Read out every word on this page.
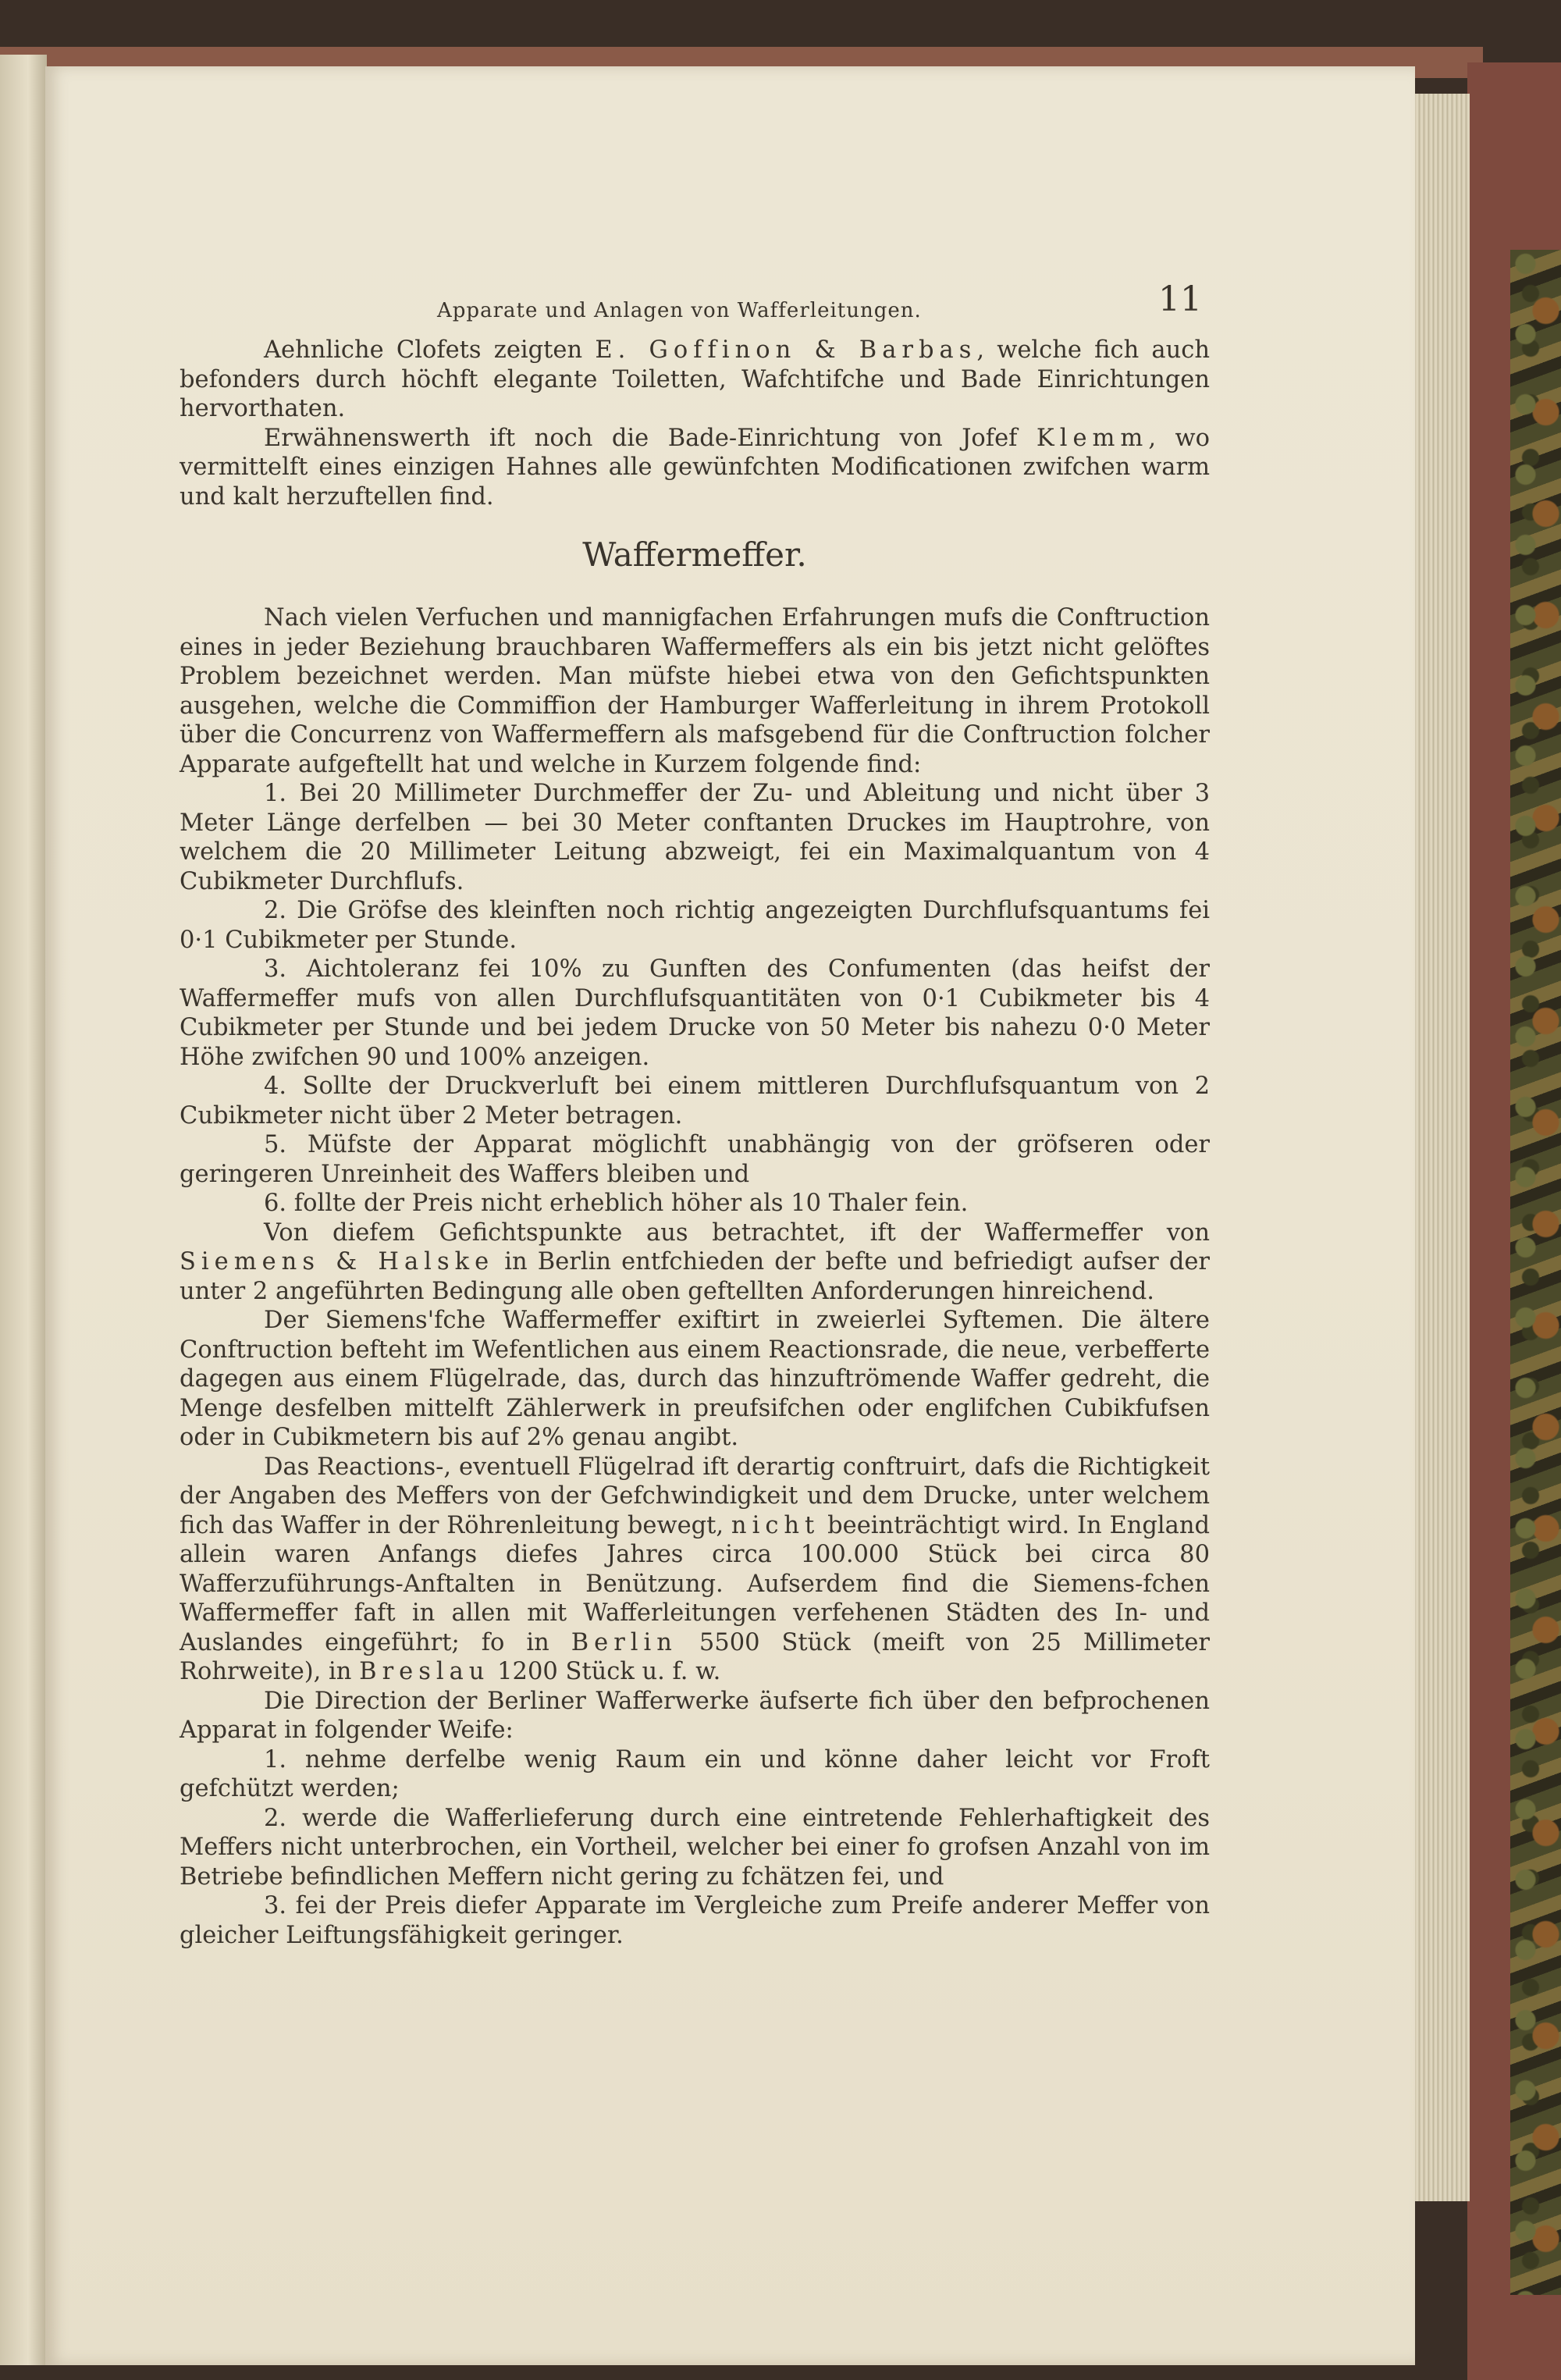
Apparate und Anlagen von Wafferleitungen.	11

Aehnliche Clofets zeigten E. Goffinon & Barbas, welche fich auch befonders durch höchft elegante Toiletten, Wafchtifche und Bade Einrichtungen hervorthaten.

Erwähnenswerth ift noch die Bade-Einrichtung von Jofef Klemm, wo vermittelft eines einzigen Hahnes alle gewünfchten Modificationen zwifchen warm und kalt herzuftellen find.

Waffermeffer.

Nach vielen Verfuchen und mannigfachen Erfahrungen mufs die Conftruction eines in jeder Beziehung brauchbaren Waffermeffers als ein bis jetzt nicht gelöftes Problem bezeichnet werden. Man müfste hiebei etwa von den Gefichtspunkten ausgehen, welche die Commiffion der Hamburger Wafferleitung in ihrem Protokoll über die Concurrenz von Waffermeffern als mafsgebend für die Conftruction folcher Apparate aufgeftellt hat und welche in Kurzem folgende find:

1. Bei 20 Millimeter Durchmeffer der Zu- und Ableitung und nicht über 3 Meter Länge derfelben — bei 30 Meter conftanten Druckes im Hauptrohre, von welchem die 20 Millimeter Leitung abzweigt, fei ein Maximalquantum von 4 Cubikmeter Durchflufs.

2. Die Gröfse des kleinften noch richtig angezeigten Durchflufsquantums fei 0·1 Cubikmeter per Stunde.

3. Aichtoleranz fei 10% zu Gunften des Confumenten (das heifst der Waffermeffer mufs von allen Durchflufsquantitäten von 0·1 Cubikmeter bis 4 Cubikmeter per Stunde und bei jedem Drucke von 50 Meter bis nahezu 0·0 Meter Höhe zwifchen 90 und 100% anzeigen.

4. Sollte der Druckverluft bei einem mittleren Durchflufsquantum von 2 Cubikmeter nicht über 2 Meter betragen.

5. Müfste der Apparat möglichft unabhängig von der gröfseren oder geringeren Unreinheit des Waffers bleiben und

6. follte der Preis nicht erheblich höher als 10 Thaler fein.

Von diefem Gefichtspunkte aus betrachtet, ift der Waffermeffer von Siemens & Halske in Berlin entfchieden der befte und befriedigt aufser der unter 2 angeführten Bedingung alle oben geftellten Anforderungen hinreichend.

Der Siemens'fche Waffermeffer exiftirt in zweierlei Syftemen. Die ältere Conftruction befteht im Wefentlichen aus einem Reactionsrade, die neue, verbefferte dagegen aus einem Flügelrade, das, durch das hinzuftrömende Waffer gedreht, die Menge desfelben mittelft Zählerwerk in preufsifchen oder englifchen Cubikfufsen oder in Cubikmetern bis auf 2% genau angibt.

Das Reactions-, eventuell Flügelrad ift derartig conftruirt, dafs die Richtigkeit der Angaben des Meffers von der Gefchwindigkeit und dem Drucke, unter welchem fich das Waffer in der Röhrenleitung bewegt, nicht beeinträchtigt wird. In England allein waren Anfangs diefes Jahres circa 100.000 Stück bei circa 80 Wafferzuführungs-Anftalten in Benützung. Aufserdem find die Siemens-fchen Waffermeffer faft in allen mit Wafferleitungen verfehenen Städten des In- und Auslandes eingeführt; fo in Berlin 5500 Stück (meift von 25 Millimeter Rohrweite), in Breslau 1200 Stück u. f. w.

Die Direction der Berliner Wafferwerke äufserte fich über den befprochenen Apparat in folgender Weife:

1. nehme derfelbe wenig Raum ein und könne daher leicht vor Froft gefchützt werden;

2. werde die Wafferlieferung durch eine eintretende Fehlerhaftigkeit des Meffers nicht unterbrochen, ein Vortheil, welcher bei einer fo grofsen Anzahl von im Betriebe befindlichen Meffern nicht gering zu fchätzen fei, und

3. fei der Preis diefer Apparate im Vergleiche zum Preife anderer Meffer von gleicher Leiftungsfähigkeit geringer.
